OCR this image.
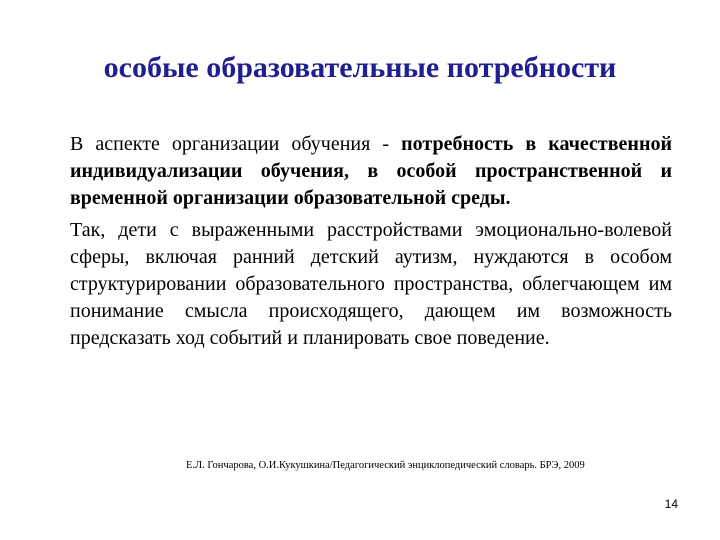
особые образовательные потребности

В аспекте организации обучения - потребность в качественной индивидуализации обучения, в особой пространственной и временной организации образовательной среды.

Так, дети с выраженными расстройствами эмоционально-волевой сферы, включая ранний детский аутизм, нуждаются в особом структурировании образовательного пространства, облегчающем им понимание смысла происходящего, дающем им возможность предсказать ход событий и планировать свое поведение.

Е.Л. Гончарова, О.И.Кукушкина/Педагогический энциклопедический словарь. БРЭ, 2009
14
